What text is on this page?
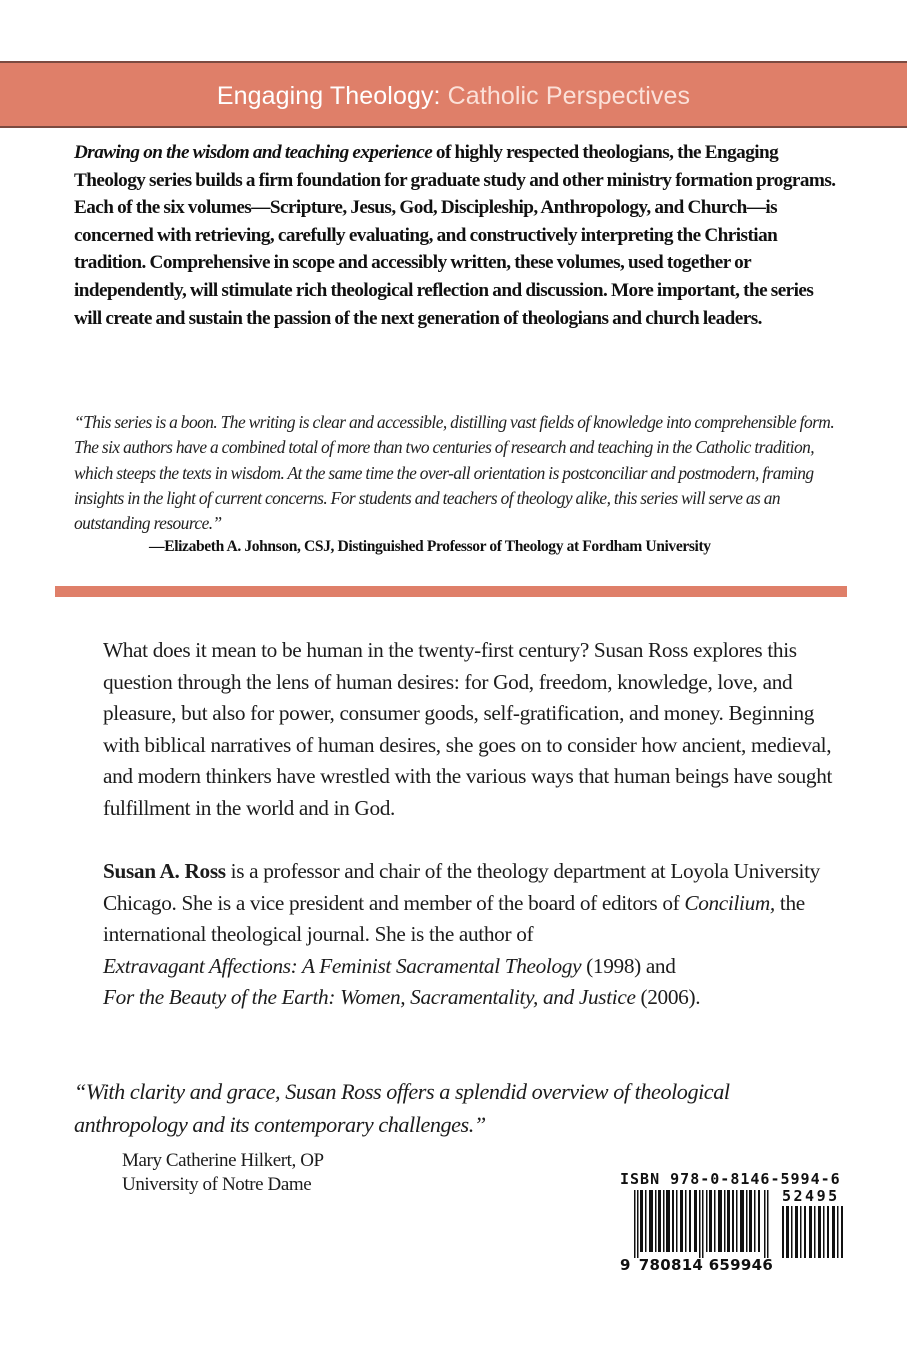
Engaging Theology: Catholic Perspectives
Drawing on the wisdom and teaching experience of highly respected theologians, the Engaging Theology series builds a firm foundation for graduate study and other ministry formation programs. Each of the six volumes—Scripture, Jesus, God, Discipleship, Anthropology, and Church—is concerned with retrieving, carefully evaluating, and constructively interpreting the Christian tradition. Comprehensive in scope and accessibly written, these volumes, used together or independently, will stimulate rich theological reflection and discussion. More important, the series will create and sustain the passion of the next generation of theologians and church leaders.
“This series is a boon. The writing is clear and accessible, distilling vast fields of knowledge into comprehensible form. The six authors have a combined total of more than two centuries of research and teaching in the Catholic tradition, which steeps the texts in wisdom. At the same time the over-all orientation is postconciliar and postmodern, framing insights in the light of current concerns. For students and teachers of theology alike, this series will serve as an outstanding resource.”
—Elizabeth A. Johnson, CSJ, Distinguished Professor of Theology at Fordham University
What does it mean to be human in the twenty-first century? Susan Ross explores this question through the lens of human desires: for God, freedom, knowledge, love, and pleasure, but also for power, consumer goods, self-gratification, and money. Beginning with biblical narratives of human desires, she goes on to consider how ancient, medieval, and modern thinkers have wrestled with the various ways that human beings have sought fulfillment in the world and in God.
Susan A. Ross is a professor and chair of the theology department at Loyola University Chicago. She is a vice president and member of the board of editors of Concilium, the international theological journal. She is the author of
Extravagant Affections: A Feminist Sacramental Theology (1998) and
For the Beauty of the Earth: Women, Sacramentality, and Justice (2006).
“With clarity and grace, Susan Ross offers a splendid overview of theological anthropology and its contemporary challenges.”
Mary Catherine Hilkert, OP
University of Notre Dame	ISBN 978-0-8146-5994-6
52495
9 780814 659946
